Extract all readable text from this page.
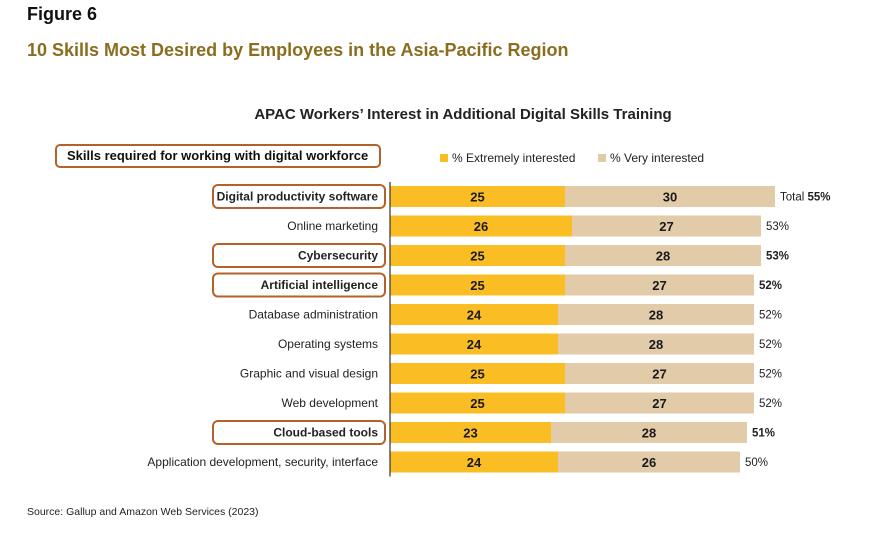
Figure 6
10 Skills Most Desired by Employees in the Asia-Pacific Region
APAC Workers’ Interest in Additional Digital Skills Training
Skills required for working with digital workforce	% Extremely interested	% Very interested
Digital productivity software	25	30	Total 55%
Online marketing	26	27	53%
Cybersecurity	25	28	53%
Artificial intelligence	25	27	52%
Database administration	24	28	52%
Operating systems	24	28	52%
Graphic and visual design	25	27	52%
Web development	25	27	52%
Cloud-based tools	23	28	51%
Application development, security, interface	24	26	50%
Source: Gallup and Amazon Web Services (2023)
